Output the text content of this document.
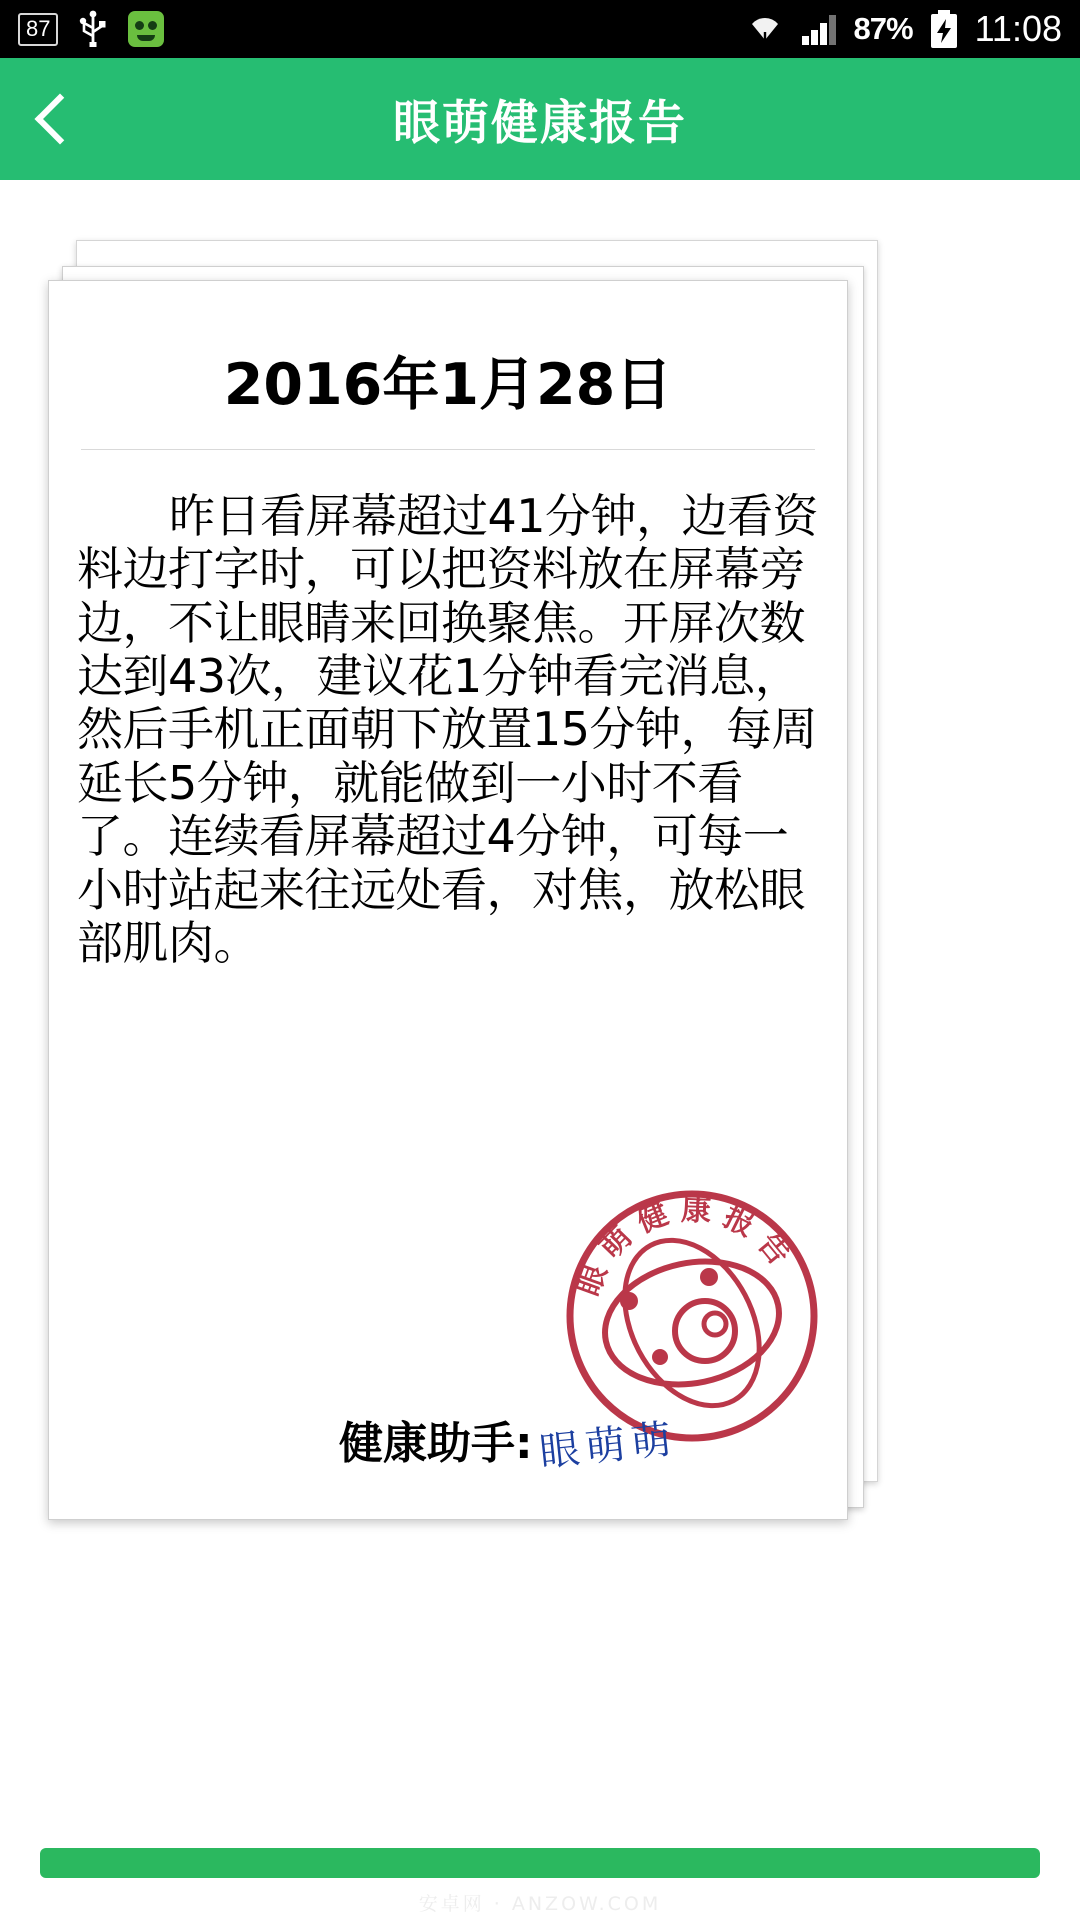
87	87% 11:08
眼萌健康报告
2016年1月28日
昨日看屏幕超过41分钟，边看资料边打字时，可以把资料放在屏幕旁边，不让眼睛来回换聚焦。开屏次数达到43次，建议花1分钟看完消息，然后手机正面朝下放置15分钟，每周延长5分钟，就能做到一小时不看了。连续看屏幕超过4分钟，可每一小时站起来往远处看，对焦，放松眼部肌肉。
眼 萌 健 康 报 告
健康助手: 眼萌萌
安卓网 · ANZOW.COM
